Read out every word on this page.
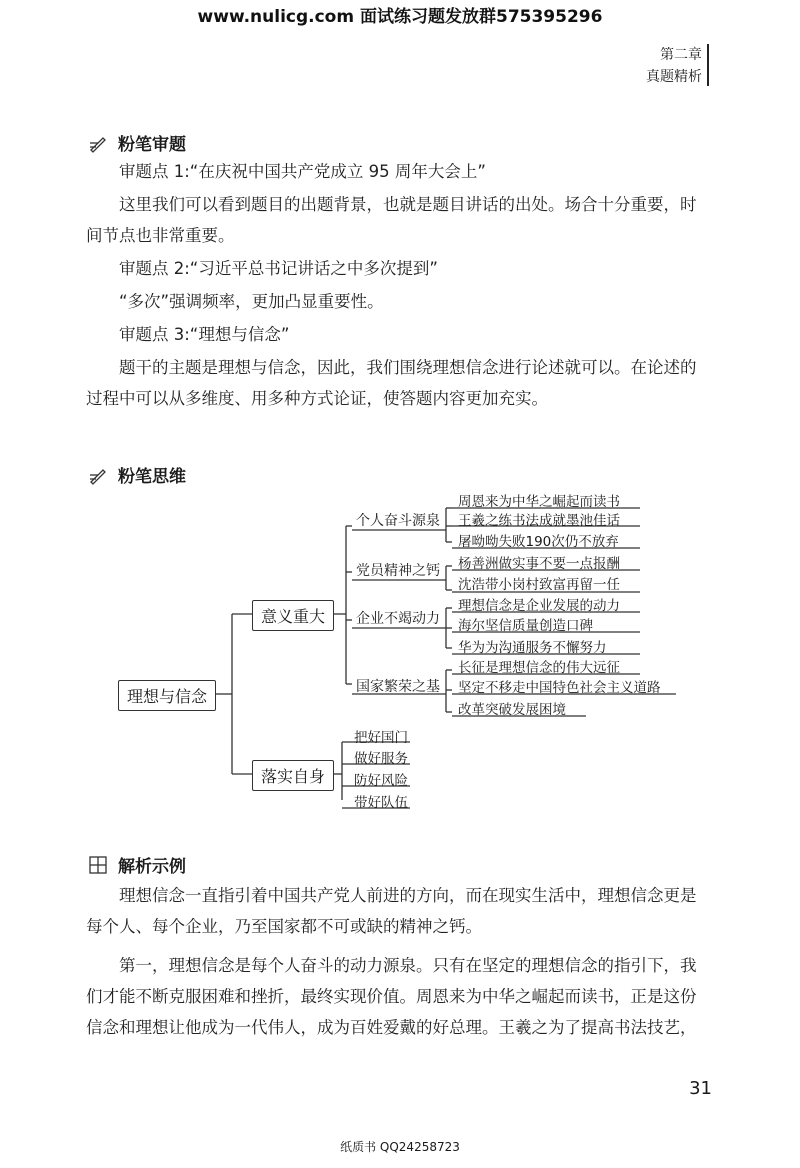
www.nulicg.com 面试练习题发放群575395296
第二章
真题精析
粉笔审题
审题点 1:“在庆祝中国共产党成立 95 周年大会上”
这里我们可以看到题目的出题背景，也就是题目讲话的出处。场合十分重要，时间节点也非常重要。
审题点 2:“习近平总书记讲话之中多次提到”
“多次”强调频率，更加凸显重要性。
审题点 3:“理想与信念”
题干的主题是理想与信念，因此，我们围绕理想信念进行论述就可以。在论述的过程中可以从多维度、用多种方式论证，使答题内容更加充实。
粉笔思维
理想与信念
意义重大
落实自身
个人奋斗源泉
党员精神之钙
企业不竭动力
国家繁荣之基
周恩来为中华之崛起而读书
王羲之练书法成就墨池佳话
屠呦呦失败190次仍不放弃
杨善洲做实事不要一点报酬
沈浩带小岗村致富再留一任
理想信念是企业发展的动力
海尔坚信质量创造口碑
华为为沟通服务不懈努力
长征是理想信念的伟大远征
坚定不移走中国特色社会主义道路
改革突破发展困境
把好国门
做好服务
防好风险
带好队伍
解析示例
理想信念一直指引着中国共产党人前进的方向，而在现实生活中，理想信念更是每个人、每个企业，乃至国家都不可或缺的精神之钙。
第一，理想信念是每个人奋斗的动力源泉。只有在坚定的理想信念的指引下，我们才能不断克服困难和挫折，最终实现价值。周恩来为中华之崛起而读书，正是这份信念和理想让他成为一代伟人，成为百姓爱戴的好总理。王羲之为了提高书法技艺，
31
纸质书 QQ24258723
